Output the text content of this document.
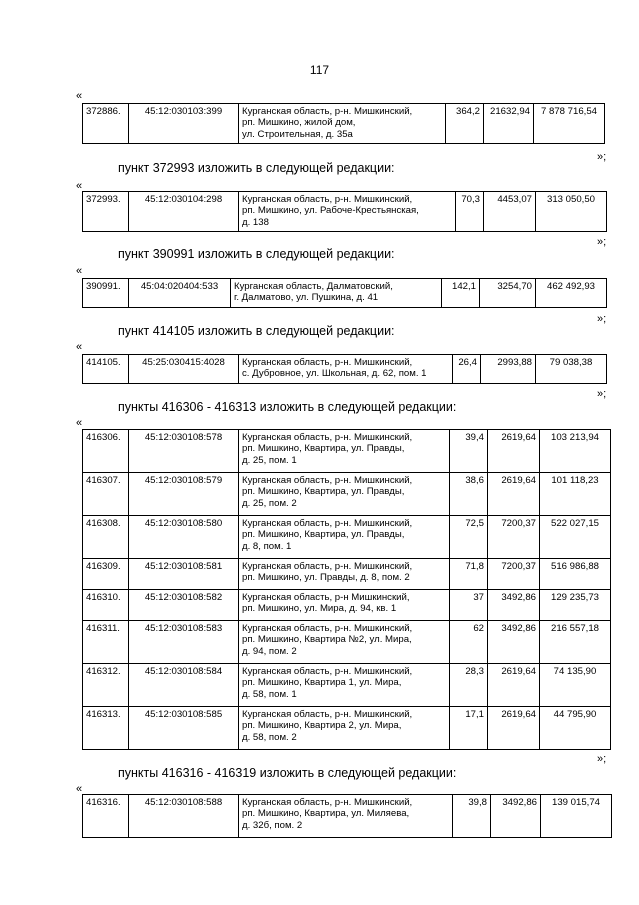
117
«
372886.	45:12:030103:399	Курганская область, р-н. Мишкинский,
рп. Мишкино, жилой дом,
ул. Строительная, д. 35а
	364,2	21632,94	7 878 716,54
»;
пункт 372993 изложить в следующей редакции:
«
372993.	45:12:030104:298	Курганская область, р-н. Мишкинский,
рп. Мишкино, ул. Рабоче-Крестьянская,
д. 138
	70,3	4453,07	313 050,50
»;
пункт 390991 изложить в следующей редакции:
«
390991.	45:04:020404:533	Курганская область, Далматовский,
г. Далматово, ул. Пушкина, д. 41
	142,1	3254,70	462 492,93
»;
пункт 414105 изложить в следующей редакции:
«
414105.	45:25:030415:4028	Курганская область, р-н. Мишкинский,
с. Дубровное, ул. Школьная, д. 62, пом. 1
	26,4	2993,88	79 038,38
»;
пункты 416306 - 416313 изложить в следующей редакции:
«
416306.	45:12:030108:578	Курганская область, р-н. Мишкинский,
рп. Мишкино, Квартира, ул. Правды,
д. 25, пом. 1	39,4	2619,64	103 213,94
416307.	45:12:030108:579	Курганская область, р-н. Мишкинский,
рп. Мишкино, Квартира, ул. Правды,
д. 25, пом. 2	38,6	2619,64	101 118,23
416308.	45:12:030108:580	Курганская область, р-н. Мишкинский,
рп. Мишкино, Квартира, ул. Правды,
д. 8, пом. 1	72,5	7200,37	522 027,15
416309.	45:12:030108:581	Курганская область, р-н. Мишкинский,
рп. Мишкино, ул. Правды, д. 8, пом. 2	71,8	7200,37	516 986,88
416310.	45:12:030108:582	Курганская область, р-н Мишкинский,
рп. Мишкино, ул. Мира, д. 94, кв. 1	37	3492,86	129 235,73
416311.	45:12:030108:583	Курганская область, р-н. Мишкинский,
рп. Мишкино, Квартира №2, ул. Мира,
д. 94, пом. 2	62	3492,86	216 557,18
416312.	45:12:030108:584	Курганская область, р-н. Мишкинский,
рп. Мишкино, Квартира 1, ул. Мира,
д. 58, пом. 1	28,3	2619,64	74 135,90
416313.	45:12:030108:585	Курганская область, р-н. Мишкинский,
рп. Мишкино, Квартира 2, ул. Мира,
д. 58, пом. 2	17,1	2619,64	44 795,90
»;
пункты 416316 - 416319 изложить в следующей редакции:
«
416316.	45:12:030108:588	Курганская область, р-н. Мишкинский,
рп. Мишкино, Квартира, ул. Миляева,
д. 32б, пом. 2
	39,8	3492,86	139 015,74
